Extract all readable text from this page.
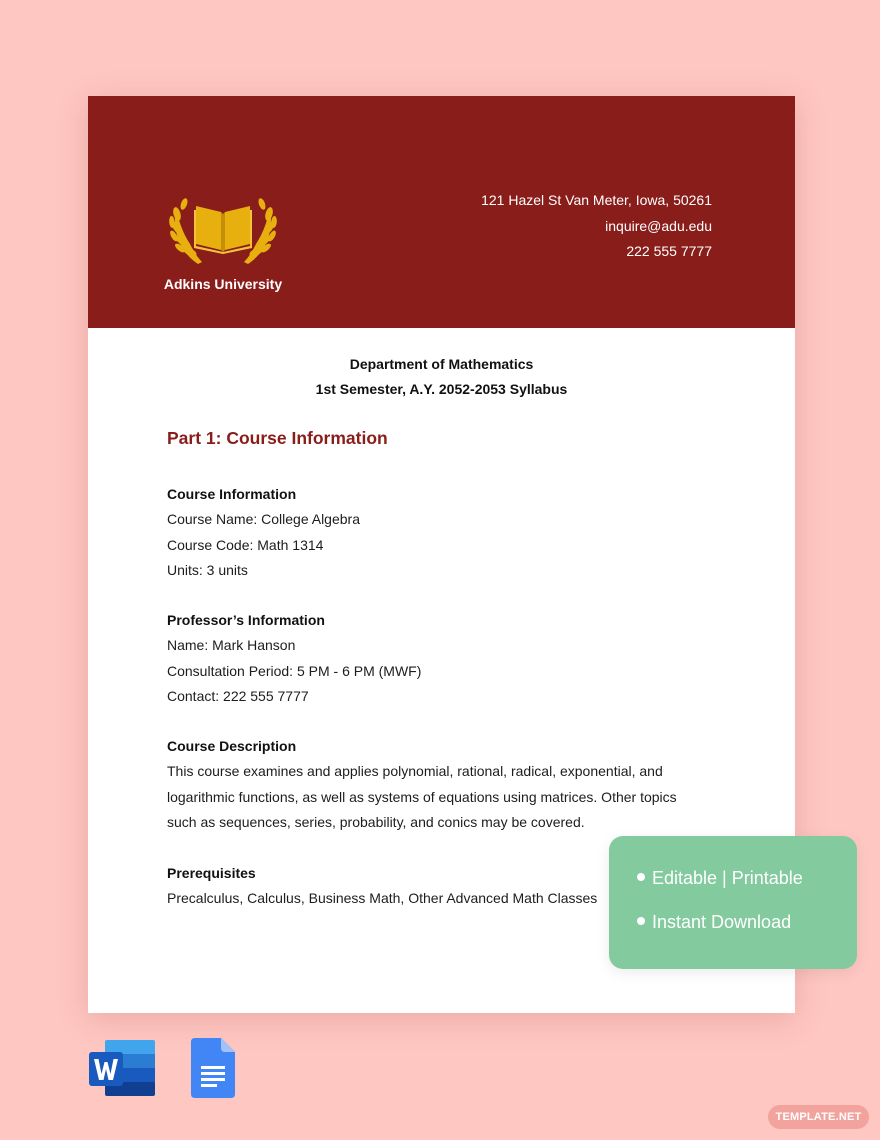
Adkins University
121 Hazel St Van Meter, Iowa, 50261
inquire@adu.edu
222 555 7777
Department of Mathematics
1st Semester, A.Y. 2052-2053 Syllabus
Part 1: Course Information
Course Information
Course Name: College Algebra
Course Code: Math 1314
Units: 3 units
Professor’s Information
Name: Mark Hanson
Consultation Period: 5 PM - 6 PM (MWF)
Contact: 222 555 7777
Course Description
This course examines and applies polynomial, rational, radical, exponential, and
logarithmic functions, as well as systems of equations using matrices. Other topics
such as sequences, series, probability, and conics may be covered.
Prerequisites
Precalculus, Calculus, Business Math, Other Advanced Math Classes
Editable | Printable
Instant Download
TEMPLATE.NET
